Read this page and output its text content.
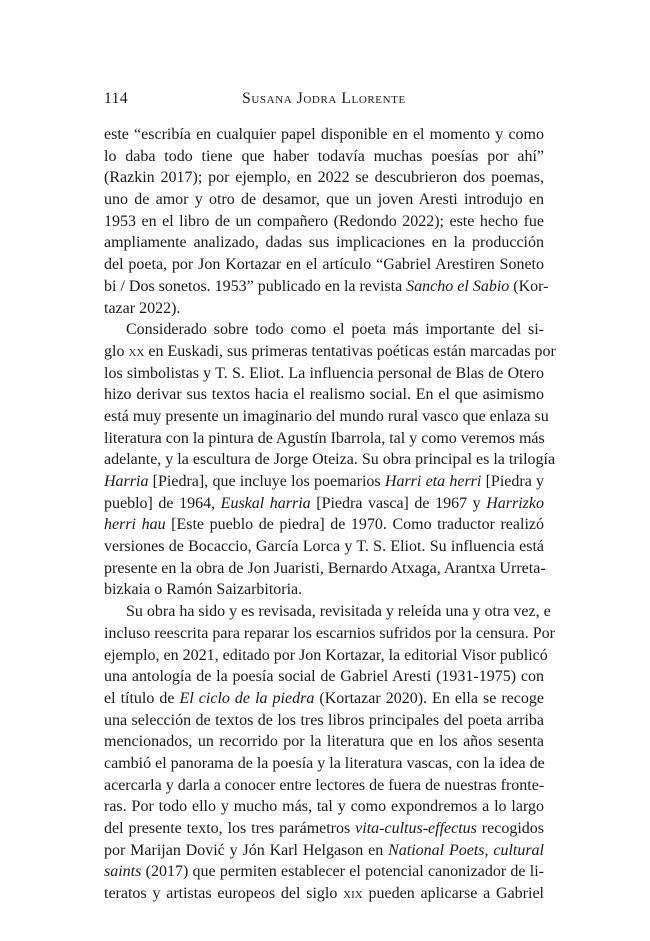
114	Susana Jodra Llorente
este “escribía en cualquier papel disponible en el momento y como
lo daba todo tiene que haber todavía muchas poesías por ahí”
(Razkin 2017); por ejemplo, en 2022 se descubrieron dos poemas,
uno de amor y otro de desamor, que un joven Aresti introdujo en
1953 en el libro de un compañero (Redondo 2022); este hecho fue
ampliamente analizado, dadas sus implicaciones en la producción
del poeta, por Jon Kortazar en el artículo “Gabriel Arestiren Soneto
bi / Dos sonetos. 1953” publicado en la revista Sancho el Sabio (Kor-
tazar 2022).
Considerado sobre todo como el poeta más importante del si-
glo xx en Euskadi, sus primeras tentativas poéticas están marcadas por
los simbolistas y T. S. Eliot. La influencia personal de Blas de Otero
hizo derivar sus textos hacia el realismo social. En el que asimismo
está muy presente un imaginario del mundo rural vasco que enlaza su
literatura con la pintura de Agustín Ibarrola, tal y como veremos más
adelante, y la escultura de Jorge Oteiza. Su obra principal es la trilogía
Harria [Piedra], que incluye los poemarios Harri eta herri [Piedra y
pueblo] de 1964, Euskal harria [Piedra vasca] de 1967 y Harrizko
herri hau [Este pueblo de piedra] de 1970. Como traductor realizó
versiones de Bocaccio, García Lorca y T. S. Eliot. Su influencia está
presente en la obra de Jon Juaristi, Bernardo Atxaga, Arantxa Urreta-
bizkaia o Ramón Saizarbitoria.
Su obra ha sido y es revisada, revisitada y releída una y otra vez, e
incluso reescrita para reparar los escarnios sufridos por la censura. Por
ejemplo, en 2021, editado por Jon Kortazar, la editorial Visor publicó
una antología de la poesía social de Gabriel Aresti (1931-1975) con
el título de El ciclo de la piedra (Kortazar 2020). En ella se recoge
una selección de textos de los tres libros principales del poeta arriba
mencionados, un recorrido por la literatura que en los años sesenta
cambió el panorama de la poesía y la literatura vascas, con la idea de
acercarla y darla a conocer entre lectores de fuera de nuestras fronte-
ras. Por todo ello y mucho más, tal y como expondremos a lo largo
del presente texto, los tres parámetros vita-cultus-effectus recogidos
por Marijan Dović y Jón Karl Helgason en National Poets, cultural
saints (2017) que permiten establecer el potencial canonizador de li-
teratos y artistas europeos del siglo xix pueden aplicarse a Gabriel
